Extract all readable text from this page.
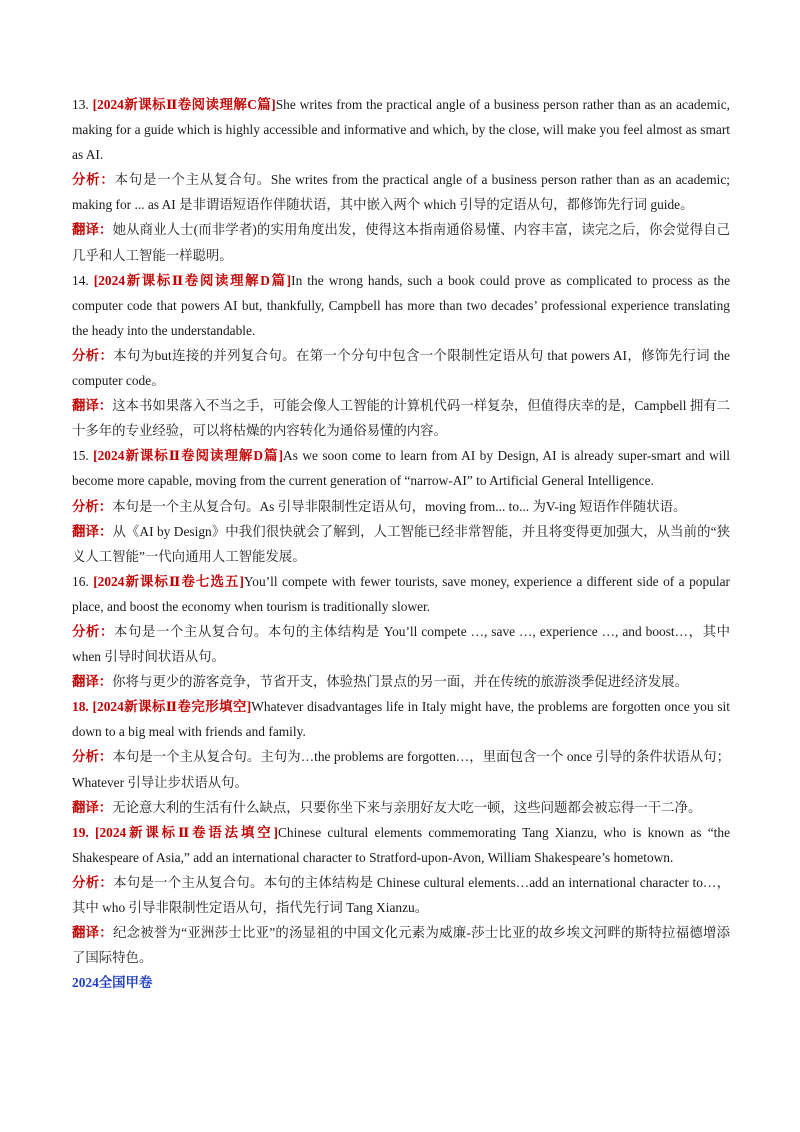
13. [2024新课标Ⅱ卷阅读理解C篇]She writes from the practical angle of a business person rather than as an academic, making for a guide which is highly accessible and informative and which, by the close, will make you feel almost as smart as AI.

分析：本句是一个主从复合句。She writes from the practical angle of a business person rather than as an academic; making for ... as AI 是非谓语短语作伴随状语，其中嵌入两个 which 引导的定语从句，都修饰先行词 guide。

翻译：她从商业人士(而非学者)的实用角度出发，使得这本指南通俗易懂、内容丰富，读完之后，你会觉得自己几乎和人工智能一样聪明。

14. [2024新课标Ⅱ卷阅读理解D篇]In the wrong hands, such a book could prove as complicated to process as the computer code that powers AI but, thankfully, Campbell has more than two decades’ professional experience translating the heady into the understandable.

分析：本句为but连接的并列复合句。在第一个分句中包含一个限制性定语从句 that powers AI，修饰先行词 the computer code。

翻译：这本书如果落入不当之手，可能会像人工智能的计算机代码一样复杂，但值得庆幸的是，Campbell 拥有二十多年的专业经验，可以将枯燥的内容转化为通俗易懂的内容。

15. [2024新课标Ⅱ卷阅读理解D篇]As we soon come to learn from AI by Design, AI is already super-smart and will become more capable, moving from the current generation of “narrow-AI” to Artificial General Intelligence.

分析：本句是一个主从复合句。As 引导非限制性定语从句，moving from... to... 为V-ing 短语作伴随状语。

翻译：从《AI by Design》中我们很快就会了解到，人工智能已经非常智能，并且将变得更加强大，从当前的“狭义人工智能”一代向通用人工智能发展。

16. [2024新课标Ⅱ卷七选五]You’ll compete with fewer tourists, save money, experience a different side of a popular place, and boost the economy when tourism is traditionally slower.

分析：本句是一个主从复合句。本句的主体结构是 You’ll compete …, save …, experience …, and boost…，其中 when 引导时间状语从句。

翻译：你将与更少的游客竞争，节省开支，体验热门景点的另一面，并在传统的旅游淡季促进经济发展。

18. [2024新课标Ⅱ卷完形填空]Whatever disadvantages life in Italy might have, the problems are forgotten once you sit down to a big meal with friends and family.

分析：本句是一个主从复合句。主句为…the problems are forgotten…，里面包含一个 once 引导的条件状语从句；Whatever 引导让步状语从句。

翻译：无论意大利的生活有什么缺点，只要你坐下来与亲朋好友大吃一顿，这些问题都会被忘得一干二净。

19. [2024新课标Ⅱ卷语法填空]Chinese cultural elements commemorating Tang Xianzu, who is known as “the Shakespeare of Asia,” add an international character to Stratford-upon-Avon, William Shakespeare’s hometown.

分析：本句是一个主从复合句。本句的主体结构是 Chinese cultural elements…add an international character to…，其中 who 引导非限制性定语从句，指代先行词 Tang Xianzu。

翻译：纪念被誉为“亚洲莎士比亚”的汤显祖的中国文化元素为威廉-莎士比亚的故乡埃文河畔的斯特拉福德增添了国际特色。

2024全国甲卷
